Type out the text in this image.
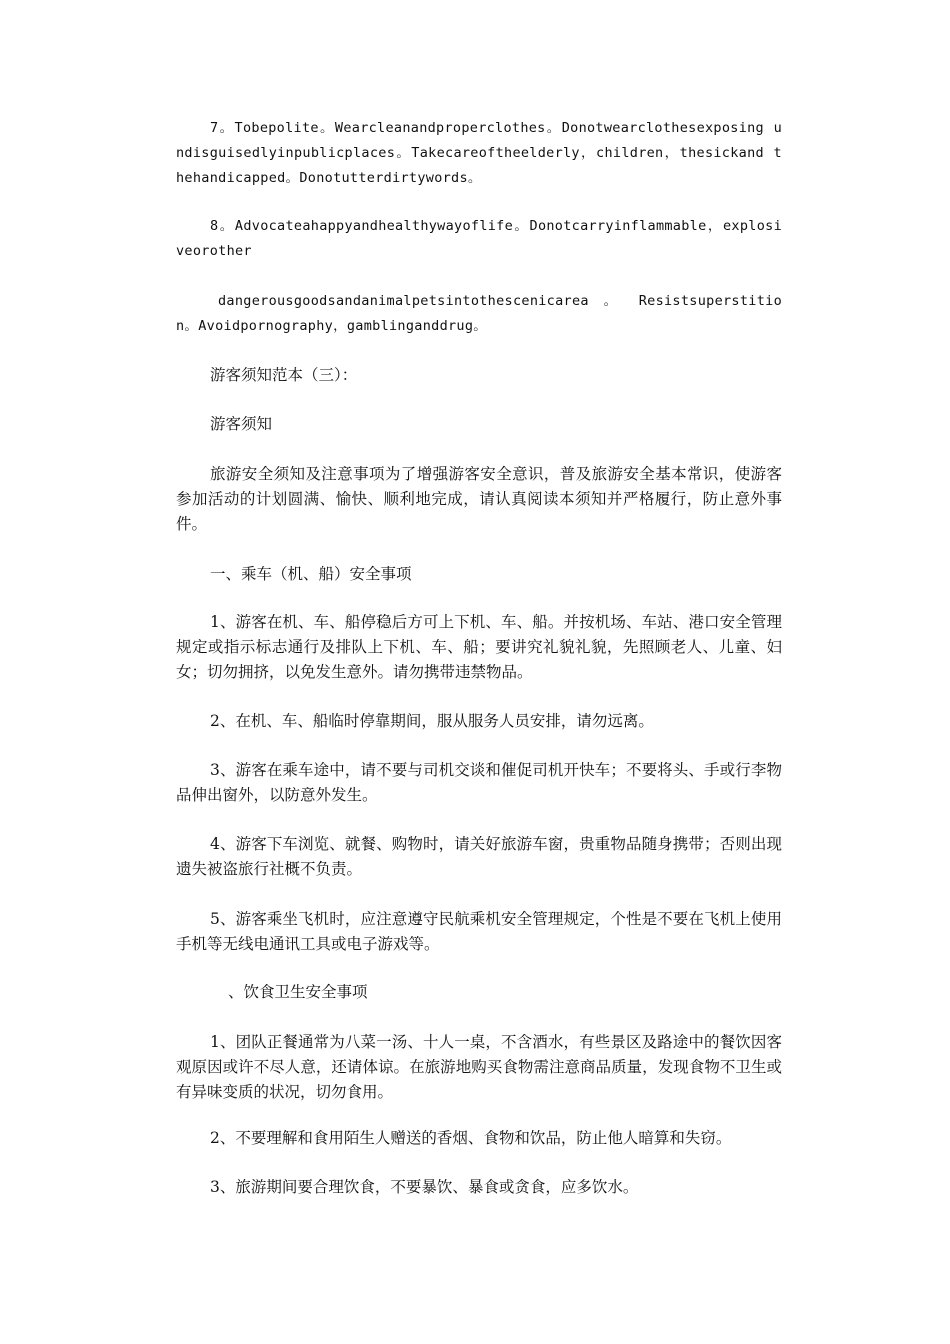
7。Tobepolite。Wearcleanandproperclothes。Donotwearclothesexposing undisguisedlyinpublicplaces。Takecareoftheelderly，children，thesickand thehandicapped。Donotutterdirtywords。

8。Advocateahappyandhealthywayoflife。Donotcarryinflammable，explosiveorother

dangerousgoodsandanimalpetsintothescenicarea 。 Resistsuperstition。Avoidpornography，gamblinganddrug。

游客须知范本（三）：

游客须知

旅游安全须知及注意事项为了增强游客安全意识，普及旅游安全基本常识，使游客参加活动的计划圆满、愉快、顺利地完成，请认真阅读本须知并严格履行，防止意外事件。

一、乘车（机、船）安全事项

1、游客在机、车、船停稳后方可上下机、车、船。并按机场、车站、港口安全管理规定或指示标志通行及排队上下机、车、船；要讲究礼貌礼貌，先照顾老人、儿童、妇女；切勿拥挤，以免发生意外。请勿携带违禁物品。

2、在机、车、船临时停靠期间，服从服务人员安排，请勿远离。

3、游客在乘车途中，请不要与司机交谈和催促司机开快车；不要将头、手或行李物品伸出窗外，以防意外发生。

4、游客下车浏览、就餐、购物时，请关好旅游车窗，贵重物品随身携带；否则出现遗失被盗旅行社概不负责。

5、游客乘坐飞机时，应注意遵守民航乘机安全管理规定，个性是不要在飞机上使用手机等无线电通讯工具或电子游戏等。

、饮食卫生安全事项

1、团队正餐通常为八菜一汤、十人一桌，不含酒水，有些景区及路途中的餐饮因客观原因或许不尽人意，还请体谅。在旅游地购买食物需注意商品质量，发现食物不卫生或有异味变质的状况，切勿食用。

2、不要理解和食用陌生人赠送的香烟、食物和饮品，防止他人暗算和失窃。

3、旅游期间要合理饮食，不要暴饮、暴食或贪食，应多饮水。
